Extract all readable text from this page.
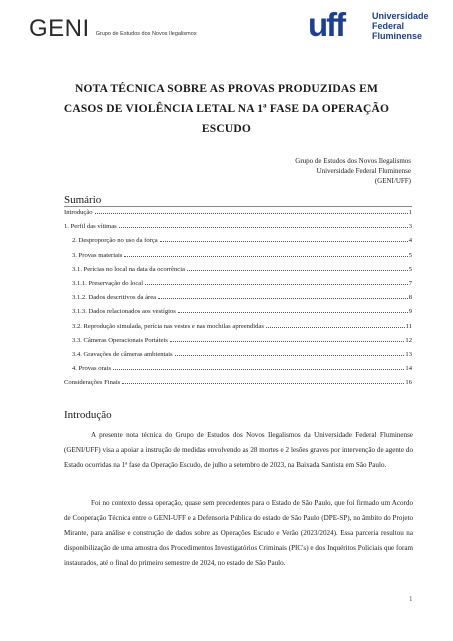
GENI Grupo de Estudos dos Novos Ilegalismos	uff	Universidade
Federal
Fluminense
NOTA TÉCNICA SOBRE AS PROVAS PRODUZIDAS EM
CASOS DE VIOLÊNCIA LETAL NA 1ª FASE DA OPERAÇÃO
ESCUDO
Grupo de Estudos dos Novos Ilegalismos
Universidade Federal Fluminense
(GENI/UFF)
Sumário
Introdução	1
1. Perfil das vítimas	3
2. Desproporção no uso da força	4
3. Provas materiais	5
3.1. Perícias no local na data da ocorrência	5
3.1.1. Preservação do local	7
3.1.2. Dados descritivos da área	8
3.1.3. Dados relacionados aos vestígios	9
3.2. Reprodução simulada, perícia nas vestes e nas mochilas apreendidas	11
3.3. Câmeras Operacionais Portáteis	12
3.4. Gravações de câmeras ambientais	13
4. Provas orais	14
Considerações Finais	16
Introdução
A presente nota técnica do Grupo de Estudos dos Novos Ilegalismos da Universidade Federal Fluminense (GENI/UFF) visa a apoiar a instrução de medidas envolvendo as 28 mortes e 2 lesões graves por intervenção de agente do Estado ocorridas na 1ª fase da Operação Escudo, de julho a setembro de 2023, na Baixada Santista em São Paulo.
Foi no contexto dessa operação, quase sem precedentes para o Estado de São Paulo, que foi firmado um Acordo de Cooperação Técnica entre o GENI-UFF e a Defensoria Pública do estado de São Paulo (DPE-SP), no âmbito do Projeto Mirante, para análise e construção de dados sobre as Operações Escudo e Verão (2023/2024). Essa parceria resultou na disponibilização de uma amostra dos Procedimentos Investigatórios Criminais (PIC's) e dos Inquéritos Policiais que foram instaurados, até o final do primeiro semestre de 2024, no estado de São Paulo.
1
